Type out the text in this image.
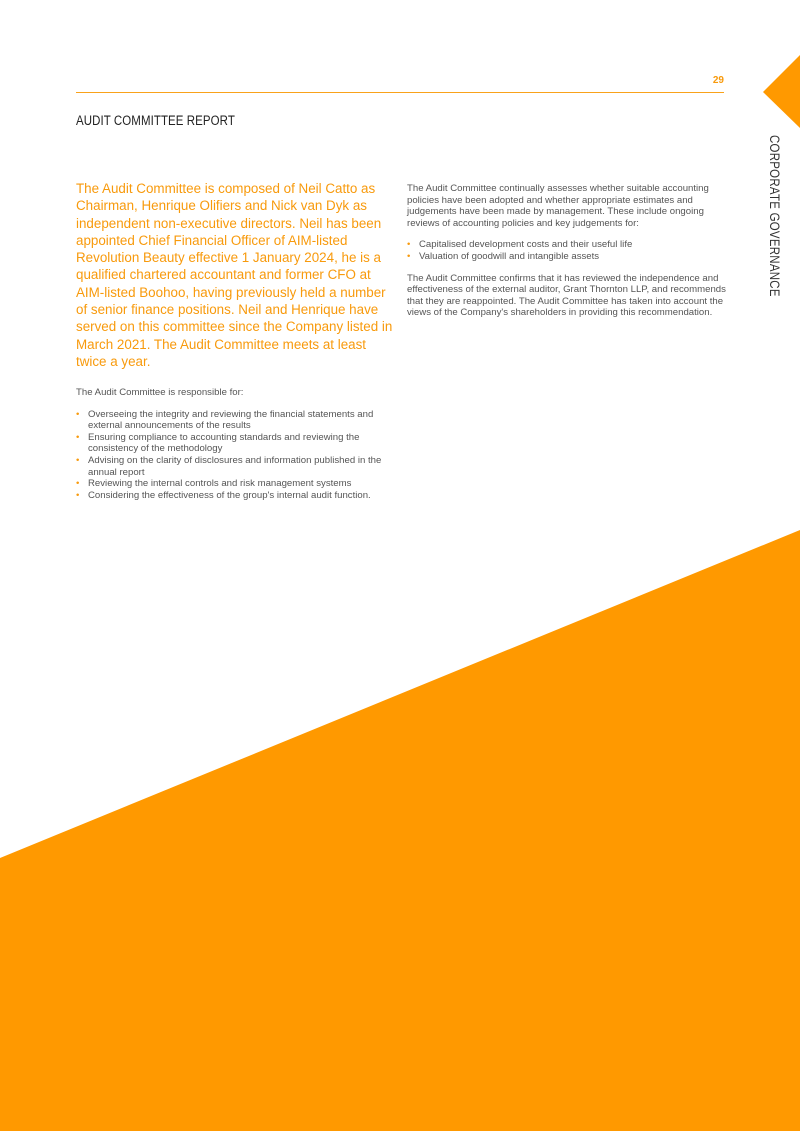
29
AUDIT COMMITTEE REPORT
CORPORATE GOVERNANCE
The Audit Committee is composed of Neil Catto as Chairman, Henrique Olifiers and Nick van Dyk as independent non-executive directors. Neil has been appointed Chief Financial Officer of AIM-listed Revolution Beauty effective 1 January 2024, he is a qualified chartered accountant and former CFO at AIM-listed Boohoo, having previously held a number of senior finance positions. Neil and Henrique have served on this committee since the Company listed in March 2021. The Audit Committee meets at least twice a year.
The Audit Committee is responsible for:
• Overseeing the integrity and reviewing the financial statements and external announcements of the results
• Ensuring compliance to accounting standards and reviewing the consistency of the methodology
• Advising on the clarity of disclosures and information published in the annual report
• Reviewing the internal controls and risk management systems
• Considering the effectiveness of the group's internal audit function.
The Audit Committee continually assesses whether suitable accounting policies have been adopted and whether appropriate estimates and judgements have been made by management. These include ongoing reviews of accounting policies and key judgements for:
• Capitalised development costs and their useful life
• Valuation of goodwill and intangible assets
The Audit Committee confirms that it has reviewed the independence and effectiveness of the external auditor, Grant Thornton LLP, and recommends that they are reappointed. The Audit Committee has taken into account the views of the Company's shareholders in providing this recommendation.
